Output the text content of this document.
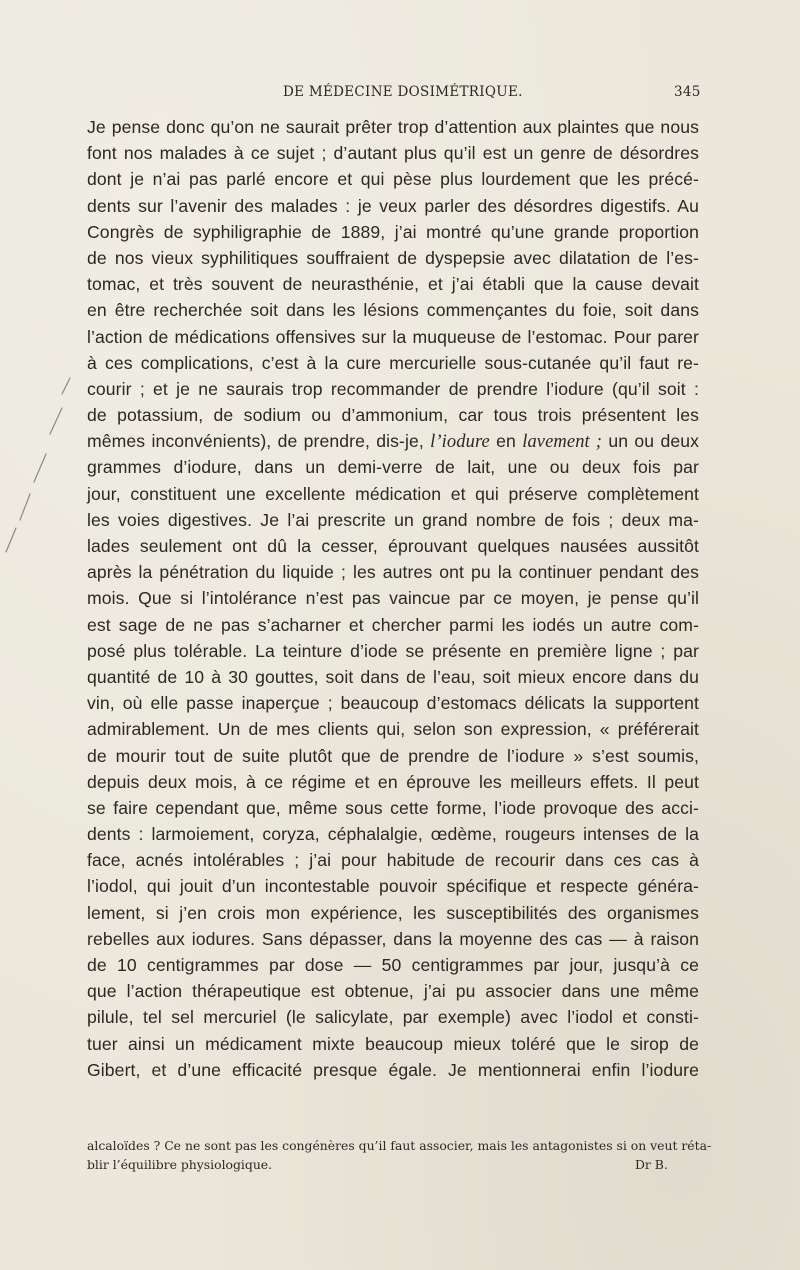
DE MÉDECINE DOSIMÉTRIQUE.	345
Je pense donc qu’on ne saurait prêter trop d’attention aux plaintes que nous
font nos malades à ce sujet ; d’autant plus qu’il est un genre de désordres
dont je n’ai pas parlé encore et qui pèse plus lourdement que les précé-
dents sur l’avenir des malades : je veux parler des désordres digestifs. Au
Congrès de syphiligraphie de 1889, j’ai montré qu’une grande proportion
de nos vieux syphilitiques souffraient de dyspepsie avec dilatation de l’es-
tomac, et très souvent de neurasthénie, et j’ai établi que la cause devait
en être recherchée soit dans les lésions commençantes du foie, soit dans
l’action de médications offensives sur la muqueuse de l’estomac. Pour parer
à ces complications, c’est à la cure mercurielle sous-cutanée qu’il faut re-
courir ; et je ne saurais trop recommander de prendre l’iodure (qu’il soit :
de potassium, de sodium ou d’ammonium, car tous trois présentent les
mêmes inconvénients), de prendre, dis-je, l’iodure en lavement ; un ou deux
grammes d’iodure, dans un demi-verre de lait, une ou deux fois par
jour, constituent une excellente médication et qui préserve complètement
les voies digestives. Je l’ai prescrite un grand nombre de fois ; deux ma-
lades seulement ont dû la cesser, éprouvant quelques nausées aussitôt
après la pénétration du liquide ; les autres ont pu la continuer pendant des
mois. Que si l’intolérance n’est pas vaincue par ce moyen, je pense qu’il
est sage de ne pas s’acharner et chercher parmi les iodés un autre com-
posé plus tolérable. La teinture d’iode se présente en première ligne ; par
quantité de 10 à 30 gouttes, soit dans de l’eau, soit mieux encore dans du
vin, où elle passe inaperçue ; beaucoup d’estomacs délicats la supportent
admirablement. Un de mes clients qui, selon son expression, « préférerait
de mourir tout de suite plutôt que de prendre de l’iodure » s’est soumis,
depuis deux mois, à ce régime et en éprouve les meilleurs effets. Il peut
se faire cependant que, même sous cette forme, l’iode provoque des acci-
dents : larmoiement, coryza, céphalalgie, œdème, rougeurs intenses de la
face, acnés intolérables ; j’ai pour habitude de recourir dans ces cas à
l’iodol, qui jouit d’un incontestable pouvoir spécifique et respecte généra-
lement, si j’en crois mon expérience, les susceptibilités des organismes
rebelles aux iodures. Sans dépasser, dans la moyenne des cas — à raison
de 10 centigrammes par dose — 50 centigrammes par jour, jusqu’à ce
que l’action thérapeutique est obtenue, j’ai pu associer dans une même
pilule, tel sel mercuriel (le salicylate, par exemple) avec l’iodol et consti-
tuer ainsi un médicament mixte beaucoup mieux toléré que le sirop de
Gibert, et d’une efficacité presque égale. Je mentionnerai enfin l’iodure
alcaloïdes ? Ce ne sont pas les congénères qu’il faut associer, mais les antagonistes si on veut réta-
blir l’équilibre physiologique.	Dr B.
